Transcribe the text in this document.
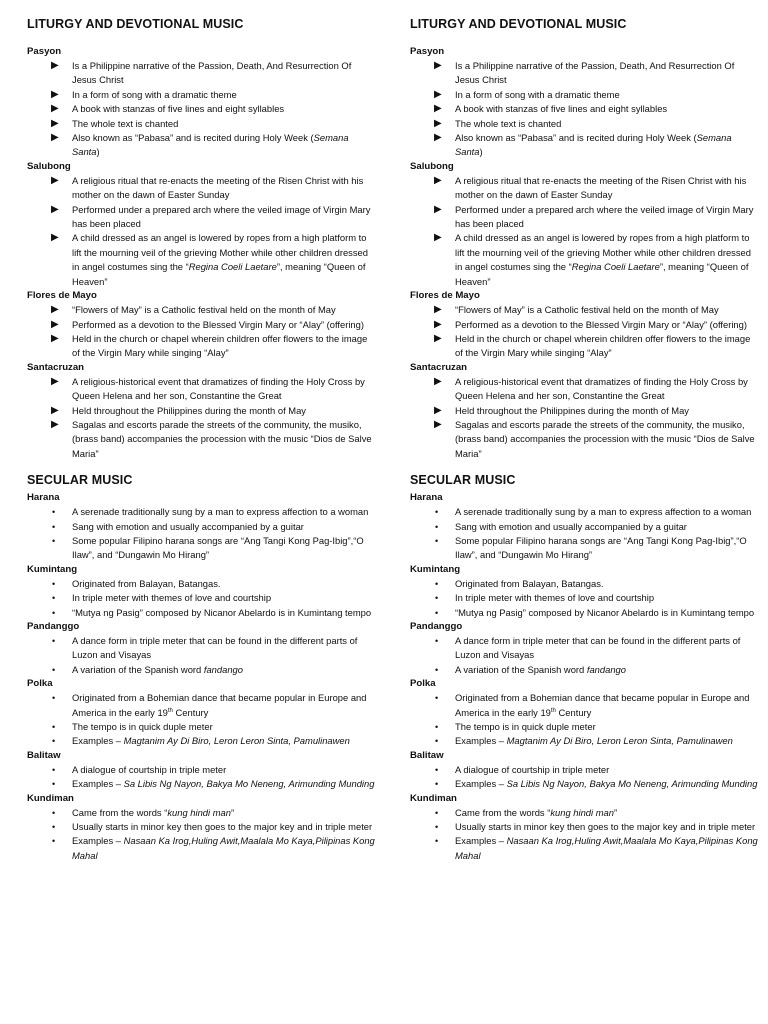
LITURGY AND DEVOTIONAL MUSIC
Pasyon
▶ Is a Philippine narrative of the Passion, Death, And Resurrection Of Jesus Christ
▶ In a form of song with a dramatic theme
▶ A book with stanzas of five lines and eight syllables
▶ The whole text is chanted
▶ Also known as “Pabasa” and is recited during Holy Week (Semana Santa)
Salubong
▶ A religious ritual that re-enacts the meeting of the Risen Christ with his mother on the dawn of Easter Sunday
▶ Performed under a prepared arch where the veiled image of Virgin Mary has been placed
▶ A child dressed as an angel is lowered by ropes from a high platform to lift the mourning veil of the grieving Mother while other children dressed in angel costumes sing the “Regina Coeli Laetare”, meaning “Queen of Heaven”
Flores de Mayo
▶ “Flowers of May” is a Catholic festival held on the month of May
▶ Performed as a devotion to the Blessed Virgin Mary or “Alay” (offering)
▶ Held in the church or chapel wherein children offer flowers to the image of the Virgin Mary while singing “Alay”
Santacruzan
▶ A religious-historical event that dramatizes of finding the Holy Cross by Queen Helena and her son, Constantine the Great
▶ Held throughout the Philippines during the month of May
▶ Sagalas and escorts parade the streets of the community, the musiko, (brass band) accompanies the procession with the music “Dios de Salve Maria”
SECULAR MUSIC
Harana
• A serenade traditionally sung by a man to express affection to a woman
• Sang with emotion and usually accompanied by a guitar
• Some popular Filipino harana songs are “Ang Tangi Kong Pag-Ibig”,“O Ilaw”, and “Dungawin Mo Hirang”
Kumintang
• Originated from Balayan, Batangas.
• In triple meter with themes of love and courtship
• “Mutya ng Pasig” composed by Nicanor Abelardo is in Kumintang tempo
Pandanggo
• A dance form in triple meter that can be found in the different parts of Luzon and Visayas
• A variation of the Spanish word fandango
Polka
• Originated from a Bohemian dance that became popular in Europe and America in the early 19th Century
• The tempo is in quick duple meter
• Examples – Magtanim Ay Di Biro, Leron Leron Sinta, Pamulinawen
Balitaw
• A dialogue of courtship in triple meter
• Examples – Sa Libis Ng Nayon, Bakya Mo Neneng, Arimunding Munding
Kundiman
• Came from the words “kung hindi man”
• Usually starts in minor key then goes to the major key and in triple meter
• Examples – Nasaan Ka Irog,Huling Awit,Maalala Mo Kaya,Pilipinas Kong Mahal
LITURGY AND DEVOTIONAL MUSIC
Pasyon
▶ Is a Philippine narrative of the Passion, Death, And Resurrection Of Jesus Christ
▶ In a form of song with a dramatic theme
▶ A book with stanzas of five lines and eight syllables
▶ The whole text is chanted
▶ Also known as “Pabasa” and is recited during Holy Week (Semana Santa)
Salubong
▶ A religious ritual that re-enacts the meeting of the Risen Christ with his mother on the dawn of Easter Sunday
▶ Performed under a prepared arch where the veiled image of Virgin Mary has been placed
▶ A child dressed as an angel is lowered by ropes from a high platform to lift the mourning veil of the grieving Mother while other children dressed in angel costumes sing the “Regina Coeli Laetare”, meaning “Queen of Heaven”
Flores de Mayo
▶ “Flowers of May” is a Catholic festival held on the month of May
▶ Performed as a devotion to the Blessed Virgin Mary or “Alay” (offering)
▶ Held in the church or chapel wherein children offer flowers to the image of the Virgin Mary while singing “Alay”
Santacruzan
▶ A religious-historical event that dramatizes of finding the Holy Cross by Queen Helena and her son, Constantine the Great
▶ Held throughout the Philippines during the month of May
▶ Sagalas and escorts parade the streets of the community, the musiko, (brass band) accompanies the procession with the music “Dios de Salve Maria”
SECULAR MUSIC
Harana
• A serenade traditionally sung by a man to express affection to a woman
• Sang with emotion and usually accompanied by a guitar
• Some popular Filipino harana songs are “Ang Tangi Kong Pag-Ibig”,“O Ilaw”, and “Dungawin Mo Hirang”
Kumintang
• Originated from Balayan, Batangas.
• In triple meter with themes of love and courtship
• “Mutya ng Pasig” composed by Nicanor Abelardo is in Kumintang tempo
Pandanggo
• A dance form in triple meter that can be found in the different parts of Luzon and Visayas
• A variation of the Spanish word fandango
Polka
• Originated from a Bohemian dance that became popular in Europe and America in the early 19th Century
• The tempo is in quick duple meter
• Examples – Magtanim Ay Di Biro, Leron Leron Sinta, Pamulinawen
Balitaw
• A dialogue of courtship in triple meter
• Examples – Sa Libis Ng Nayon, Bakya Mo Neneng, Arimunding Munding
Kundiman
• Came from the words “kung hindi man”
• Usually starts in minor key then goes to the major key and in triple meter
• Examples – Nasaan Ka Irog,Huling Awit,Maalala Mo Kaya,Pilipinas Kong Mahal
